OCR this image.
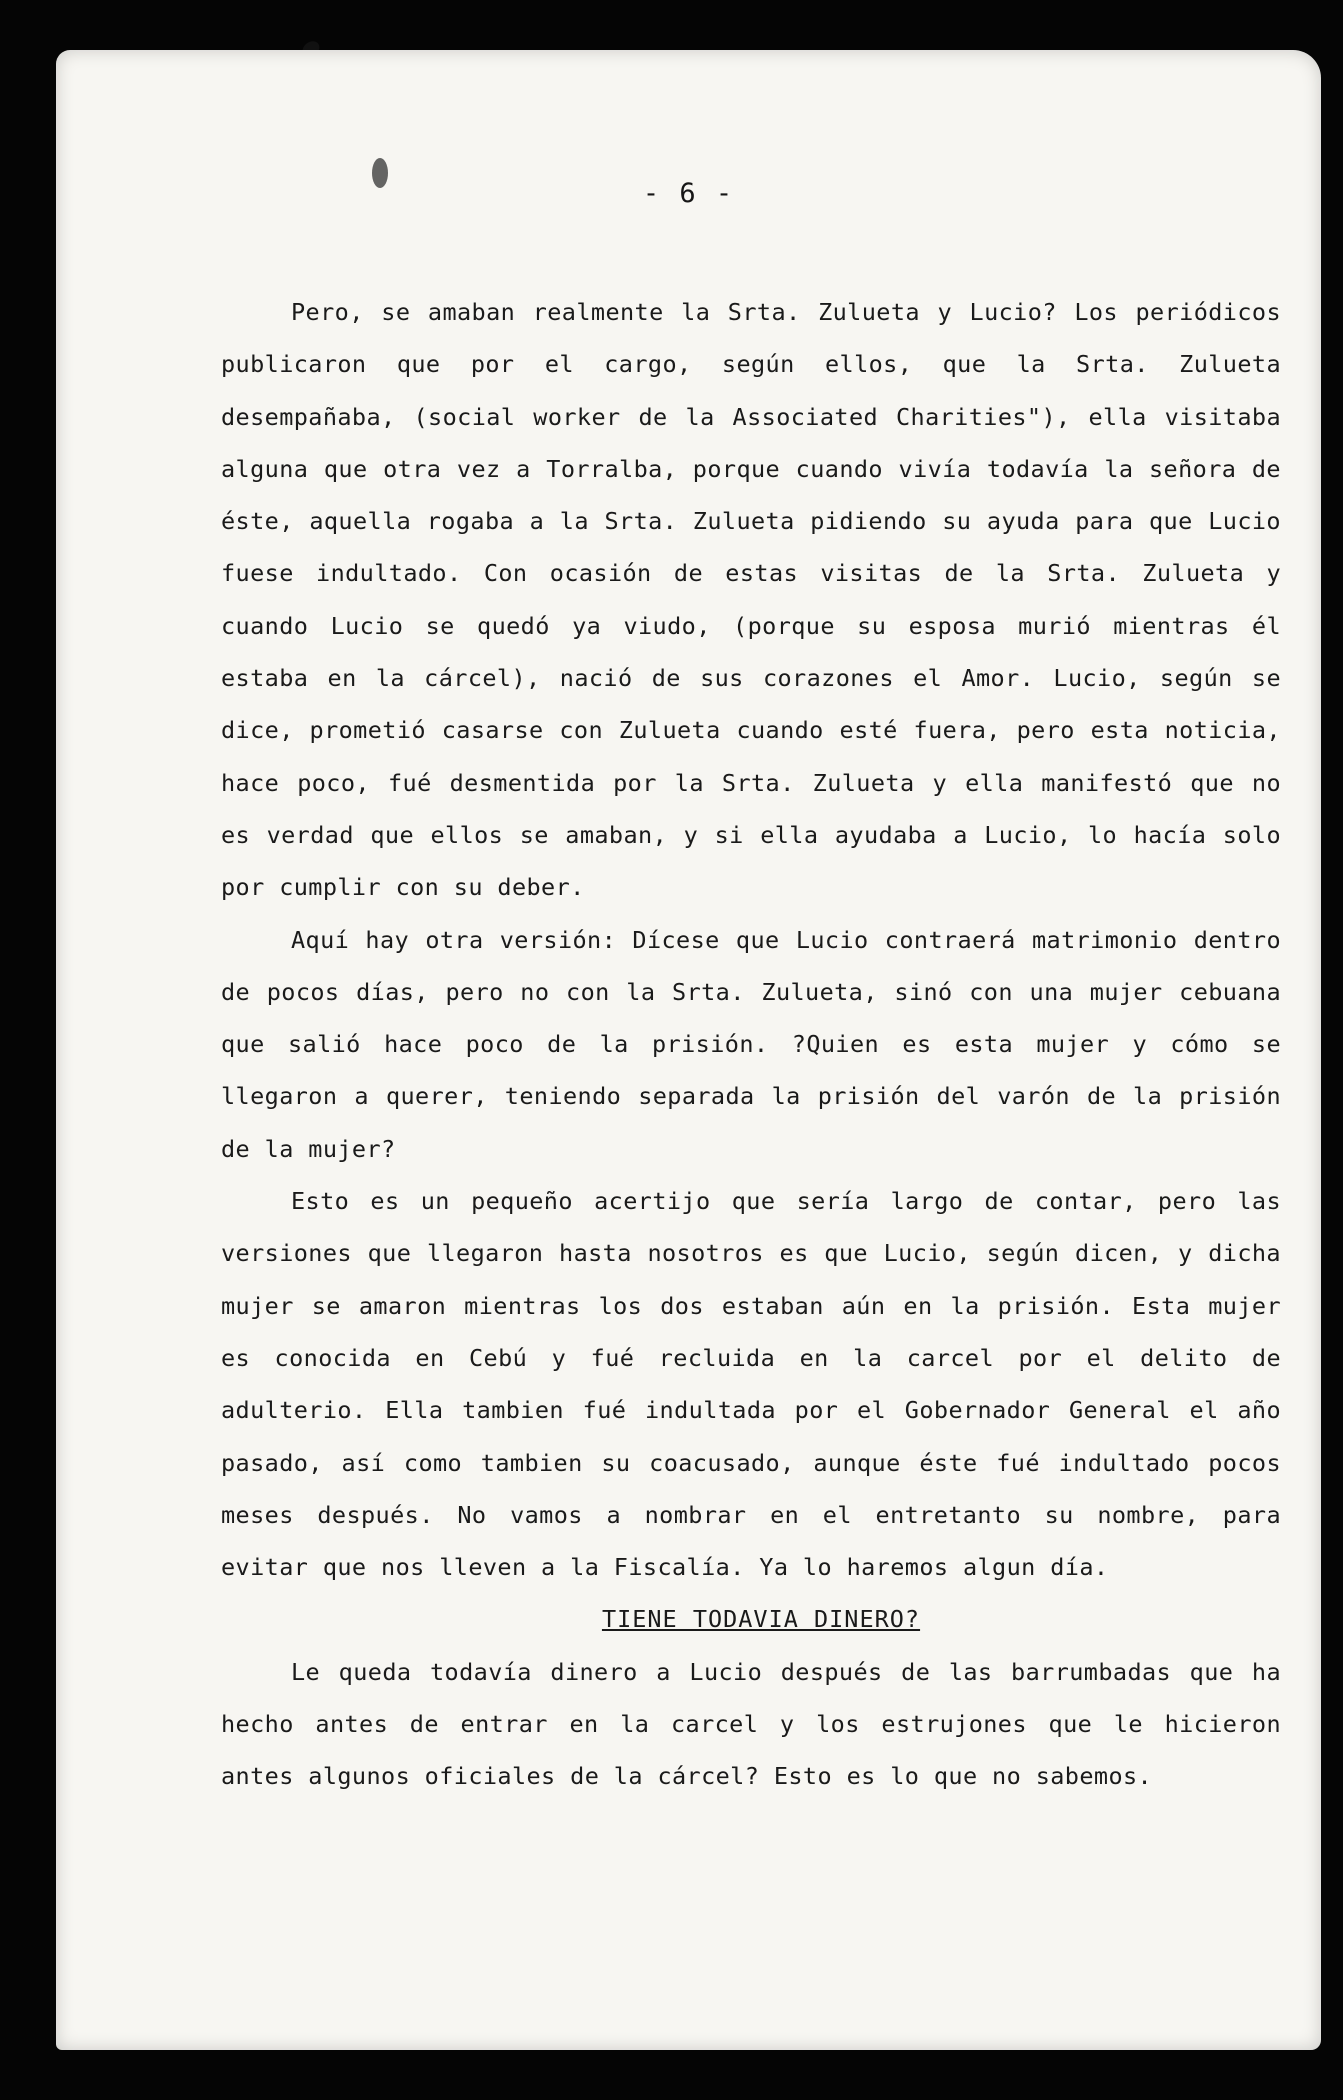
- 6 -

Pero, se amaban realmente la Srta. Zulueta y Lucio? Los periódicos publicaron que por el cargo, según ellos, que la Srta. Zulueta desempañaba, (social worker de la Associated Charities"), ella visitaba alguna que otra vez a Torralba, porque cuando vivía todavía la señora de éste, aquella rogaba a la Srta. Zulueta pidiendo su ayuda para que Lucio fuese indultado. Con ocasión de estas visitas de la Srta. Zulueta y cuando Lucio se quedó ya viudo, (porque su esposa murió mientras él estaba en la cárcel), nació de sus corazones el Amor. Lucio, según se dice, prometió casarse con Zulueta cuando esté fuera, pero esta noticia, hace poco, fué desmentida por la Srta. Zulueta y ella manifestó que no es verdad que ellos se amaban, y si ella ayudaba a Lucio, lo hacía solo por cumplir con su deber.

Aquí hay otra versión: Dícese que Lucio contraerá matrimonio dentro de pocos días, pero no con la Srta. Zulueta, sinó con una mujer cebuana que salió hace poco de la prisión. ?Quien es esta mujer y cómo se llegaron a querer, teniendo separada la prisión del varón de la prisión de la mujer?

Esto es un pequeño acertijo que sería largo de contar, pero las versiones que llegaron hasta nosotros es que Lucio, según dicen, y dicha mujer se amaron mientras los dos estaban aún en la prisión. Esta mujer es conocida en Cebú y fué recluida en la carcel por el delito de adulterio. Ella tambien fué indultada por el Gobernador General el año pasado, así como tambien su coacusado, aunque éste fué indultado pocos meses después. No vamos a nombrar en el entretanto su nombre, para evitar que nos lleven a la Fiscalía. Ya lo haremos algun día.

TIENE TODAVIA DINERO?

Le queda todavía dinero a Lucio después de las barrumbadas que ha hecho antes de entrar en la carcel y los estrujones que le hicieron antes algunos oficiales de la cárcel? Esto es lo que no sabemos.
